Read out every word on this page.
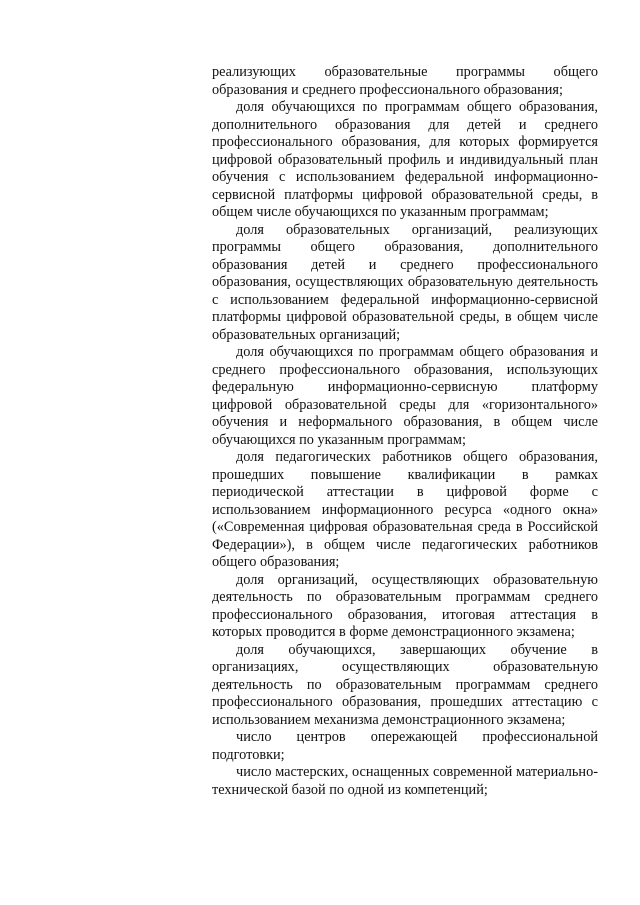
реализующих образовательные программы общего образования и среднего профессионального образования;

доля обучающихся по программам общего образования, дополнительного образования для детей и среднего профессионального образования, для которых формируется цифровой образовательный профиль и индивидуальный план обучения с использованием федеральной информационно-сервисной платформы цифровой образовательной среды, в общем числе обучающихся по указанным программам;

доля образовательных организаций, реализующих программы общего образования, дополнительного образования детей и среднего профессионального образования, осуществляющих образовательную деятельность с использованием федеральной информационно-сервисной платформы цифровой образовательной среды, в общем числе образовательных организаций;

доля обучающихся по программам общего образования и среднего профессионального образования, использующих федеральную информационно-сервисную платформу цифровой образовательной среды для «горизонтального» обучения и неформального образования, в общем числе обучающихся по указанным программам;

доля педагогических работников общего образования, прошедших повышение квалификации в рамках периодической аттестации в цифровой форме с использованием информационного ресурса «одного окна» («Современная цифровая образовательная среда в Российской Федерации»), в общем числе педагогических работников общего образования;

доля организаций, осуществляющих образовательную деятельность по образовательным программам среднего профессионального образования, итоговая аттестация в которых проводится в форме демонстрационного экзамена;

доля обучающихся, завершающих обучение в организациях, осуществляющих образовательную деятельность по образовательным программам среднего профессионального образования, прошедших аттестацию с использованием механизма демонстрационного экзамена;

число центров опережающей профессиональной подготовки;

число мастерских, оснащенных современной материально-технической базой по одной из компетенций;
